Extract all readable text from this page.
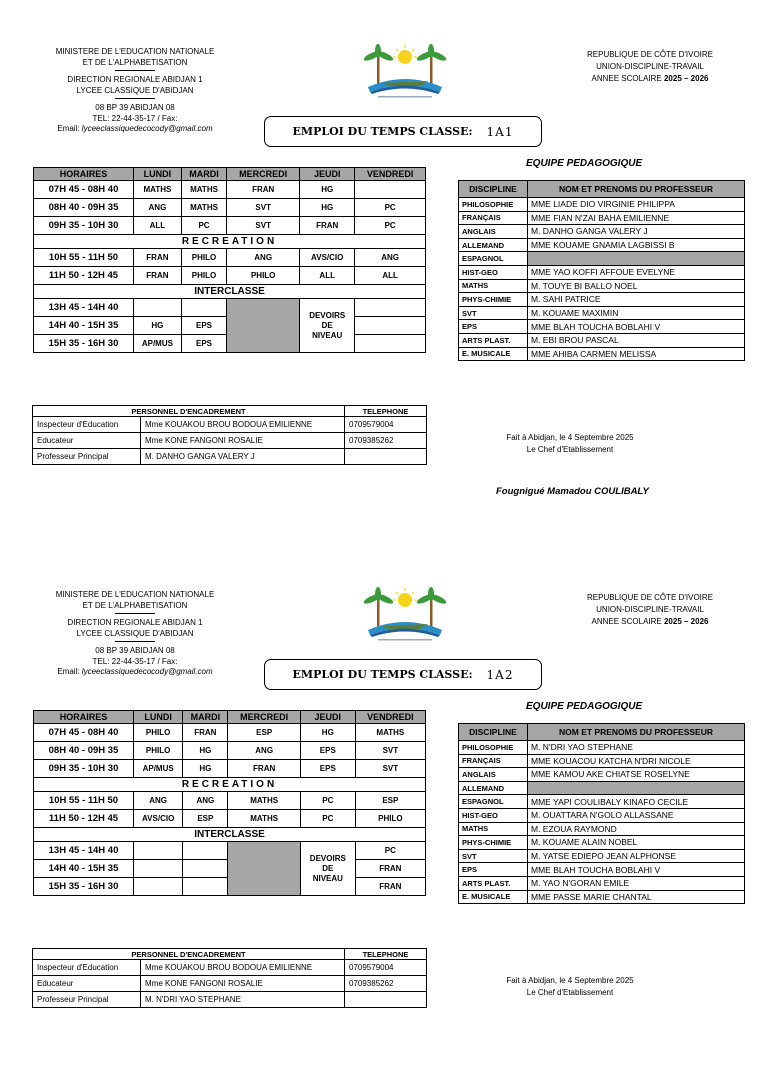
MINISTERE DE L'EDUCATION NATIONALE
ET DE L'ALPHABETISATION
DIRECTION REGIONALE ABIDJAN 1
LYCEE CLASSIQUE D'ABIDJAN
08 BP 39 ABIDJAN 08
TEL: 22-44-35-17 / Fax:
Email: lyceeclassiquedecocody@gmail.com
REPUBLIQUE DE CÔTE D'IVOIRE
UNION-DISCIPLINE-TRAVAIL
ANNEE SCOLAIRE 2025 – 2026
EMPLOI DU TEMPS CLASSE: 1A1
EQUIPE PEDAGOGIQUE
HORAIRES	LUNDI	MARDI	MERCREDI	JEUDI	VENDREDI
07H 45 - 08H 40	MATHS	MATHS	FRAN	HG	
08H 40 - 09H 35	ANG	MATHS	SVT	HG	PC
09H 35 - 10H 30	ALL	PC	SVT	FRAN	PC
RECREATION					
10H 55 - 11H 50	FRAN	PHILO	ANG	AVS/CIO	ANG
11H 50 - 12H 45	FRAN	PHILO	PHILO	ALL	ALL
INTERCLASSE					
13H 45 - 14H 40				DEVOIRS
DE
NIVEAU	

14H 40 - 15H 35	HG	EPS			
15H 35 - 16H 30	AP/MUS	EPS			
DISCIPLINE	NOM ET PRENOMS DU PROFESSEUR
PHILOSOPHIE	MME LIADE DIO VIRGINIE PHILIPPA
FRANÇAIS	MME FIAN N'ZAI BAHA EMILIENNE
ANGLAIS	M. DANHO GANGA VALERY J
ALLEMAND	MME KOUAME GNAMIA LAGBISSI B
ESPAGNOL	
HIST-GEO	MME YAO KOFFI AFFOUE EVELYNE
MATHS	M. TOUYE BI BALLO NOEL
PHYS-CHIMIE	M. SAHI PATRICE
SVT	M. KOUAME MAXIMIN
EPS	MME BLAH TOUCHA BOBLAHI V
ARTS PLAST.	M. EBI BROU PASCAL
E. MUSICALE	MME AHIBA CARMEN MELISSA
PERSONNEL D'ENCADREMENT		TELEPHONE
Inspecteur d'Education	Mme KOUAKOU BROU BODOUA EMILIENNE	0709579004
Educateur	Mme KONE FANGONI ROSALIE	0709385262
Professeur Principal	M. DANHO GANGA VALERY J	
Fait à Abidjan, le 4 Septembre 2025
Le Chef d'Etablissement
MINISTERE DE L'EDUCATION NATIONALE
ET DE L'ALPHABETISATION
DIRECTION REGIONALE ABIDJAN 1
LYCEE CLASSIQUE D'ABIDJAN
08 BP 39 ABIDJAN 08
TEL: 22-44-35-17 / Fax:
Email: lyceeclassiquedecocody@gmail.com
REPUBLIQUE DE CÔTE D'IVOIRE
UNION-DISCIPLINE-TRAVAIL
ANNEE SCOLAIRE 2025 – 2026
EMPLOI DU TEMPS CLASSE: 1A2
EQUIPE PEDAGOGIQUE
HORAIRES	LUNDI	MARDI	MERCREDI	JEUDI	VENDREDI
07H 45 - 08H 40	PHILO	FRAN	ESP	HG	MATHS
08H 40 - 09H 35	PHILO	HG	ANG	EPS	SVT
09H 35 - 10H 30	AP/MUS	HG	FRAN	EPS	SVT
RECREATION					
10H 55 - 11H 50	ANG	ANG	MATHS	PC	ESP
11H 50 - 12H 45	AVS/CIO	ESP	MATHS	PC	PHILO
INTERCLASSE					
13H 45 - 14H 40				DEVOIRS
DE
NIVEAU	PC
14H 40 - 15H 35					FRAN
15H 35 - 16H 30					FRAN
DISCIPLINE	NOM ET PRENOMS DU PROFESSEUR
PHILOSOPHIE	M. N'DRI YAO STEPHANE
FRANÇAIS	MME KOUACOU KATCHA N'DRI NICOLE
ANGLAIS	MME KAMOU AKE CHIATSE ROSELYNE
ALLEMAND	
ESPAGNOL	MME YAPI COULIBALY KINAFO CECILE
HIST-GEO	M. OUATTARA N'GOLO ALLASSANE
MATHS	M. EZOUA RAYMOND
PHYS-CHIMIE	M. KOUAME ALAIN NOBEL
SVT	M. YATSE EDIEPO JEAN ALPHONSE
EPS	MME BLAH TOUCHA BOBLAHI V
ARTS PLAST.	M. YAO N'GORAN EMILE
E. MUSICALE	MME PASSE MARIE CHANTAL
PERSONNEL D'ENCADREMENT		TELEPHONE
Inspecteur d'Education	Mme KOUAKOU BROU BODOUA EMILIENNE	0709579004
Educateur	Mme KONE FANGONI ROSALIE	0709385262
Professeur Principal	M. N'DRI YAO STEPHANE	
Fait à Abidjan, le 4 Septembre 2025
Le Chef d'Etablissement
Fougnigué Mamadou COULIBALY
